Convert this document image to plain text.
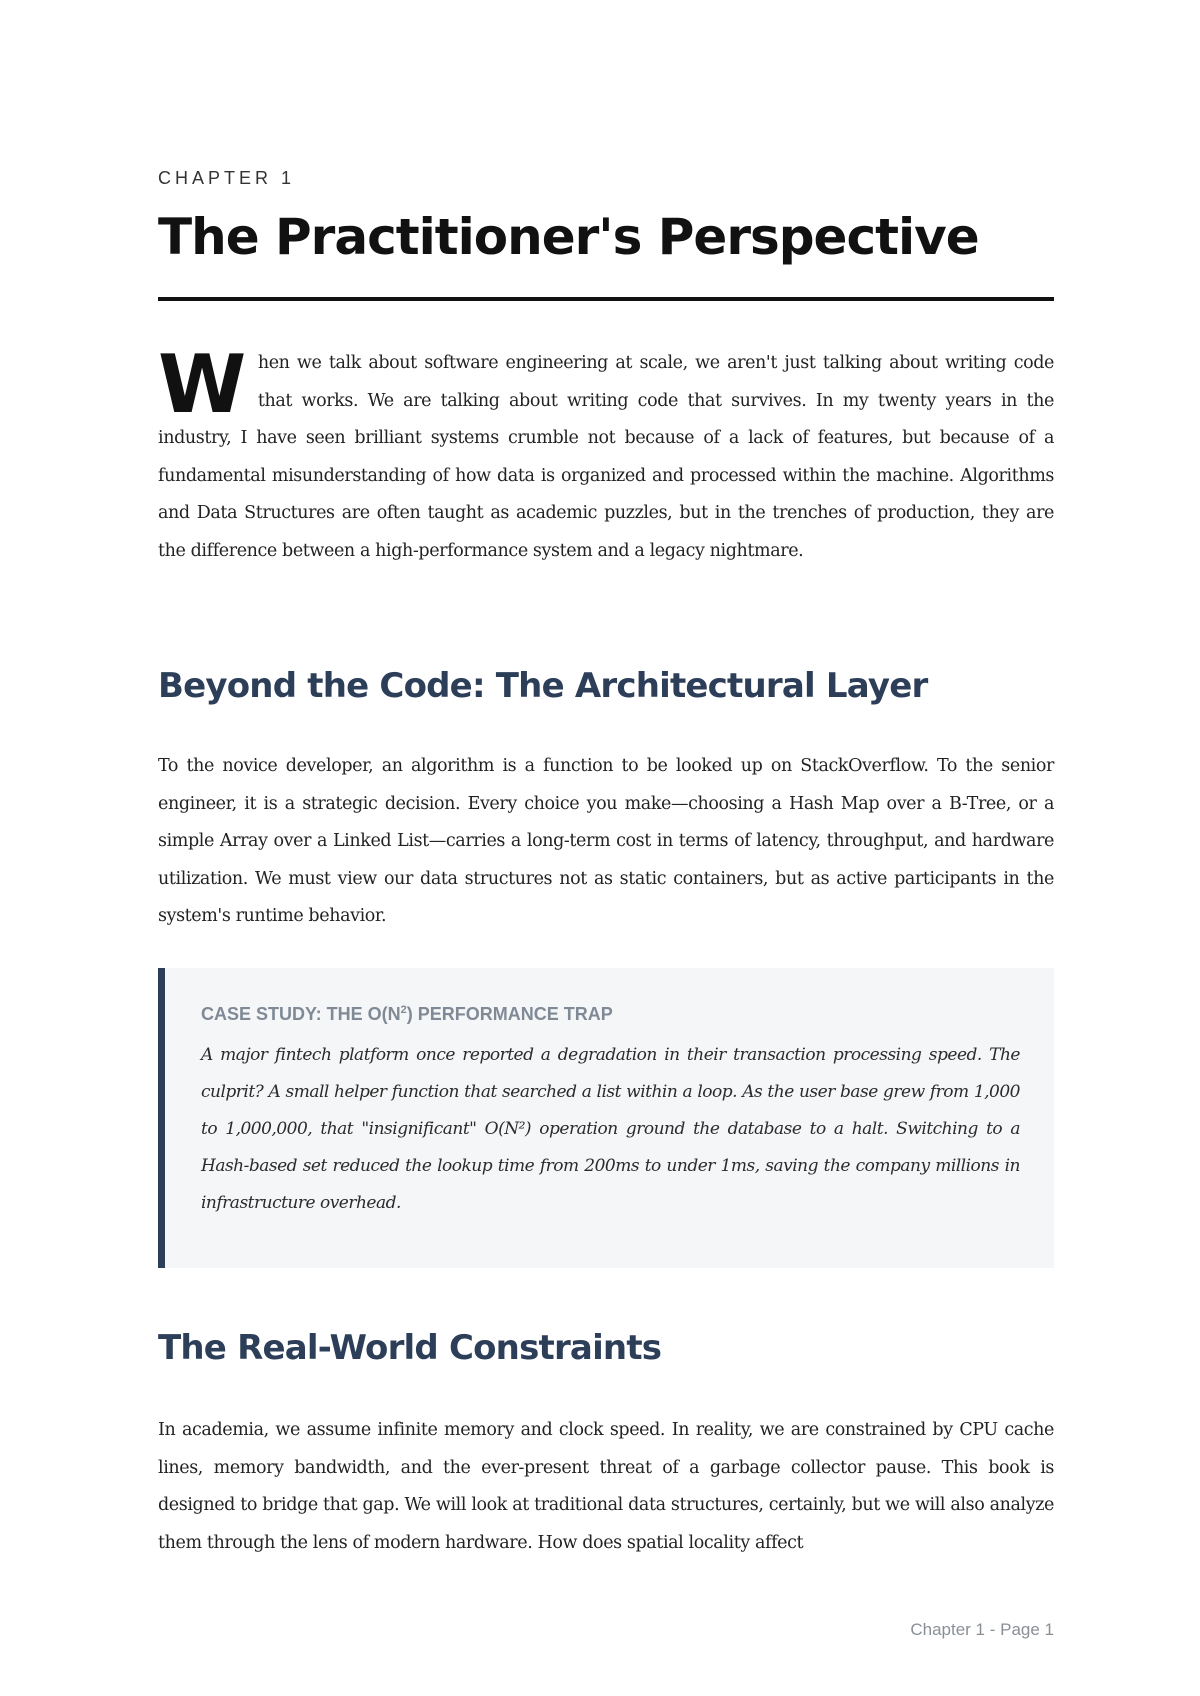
CHAPTER 1
The Practitioner's Perspective

When we talk about software engineering at scale, we aren't just talking about writing code that works. We are talking about writing code that survives. In my twenty years in the industry, I have seen brilliant systems crumble not because of a lack of features, but because of a fundamental misunderstanding of how data is organized and processed within the machine. Algorithms and Data Structures are often taught as academic puzzles, but in the trenches of production, they are the difference between a high-performance system and a legacy nightmare.

Beyond the Code: The Architectural Layer

To the novice developer, an algorithm is a function to be looked up on StackOverflow. To the senior engineer, it is a strategic decision. Every choice you make—choosing a Hash Map over a B-Tree, or a simple Array over a Linked List—carries a long-term cost in terms of latency, throughput, and hardware utilization. We must view our data structures not as static containers, but as active participants in the system's runtime behavior.

CASE STUDY: THE $O(N^2)$ PERFORMANCE TRAP

A major fintech platform once reported a degradation in their transaction processing speed. The culprit? A small helper function that searched a list within a loop. As the user base grew from 1,000 to 1,000,000, that "insignificant" O(N²) operation ground the database to a halt. Switching to a Hash-based set reduced the lookup time from 200ms to under 1ms, saving the company millions in infrastructure overhead.

The Real-World Constraints

In academia, we assume infinite memory and clock speed. In reality, we are constrained by CPU cache lines, memory bandwidth, and the ever-present threat of a garbage collector pause. This book is designed to bridge that gap. We will look at traditional data structures, certainly, but we will also analyze them through the lens of modern hardware. How does spatial locality affect

Chapter 1 - Page 1
